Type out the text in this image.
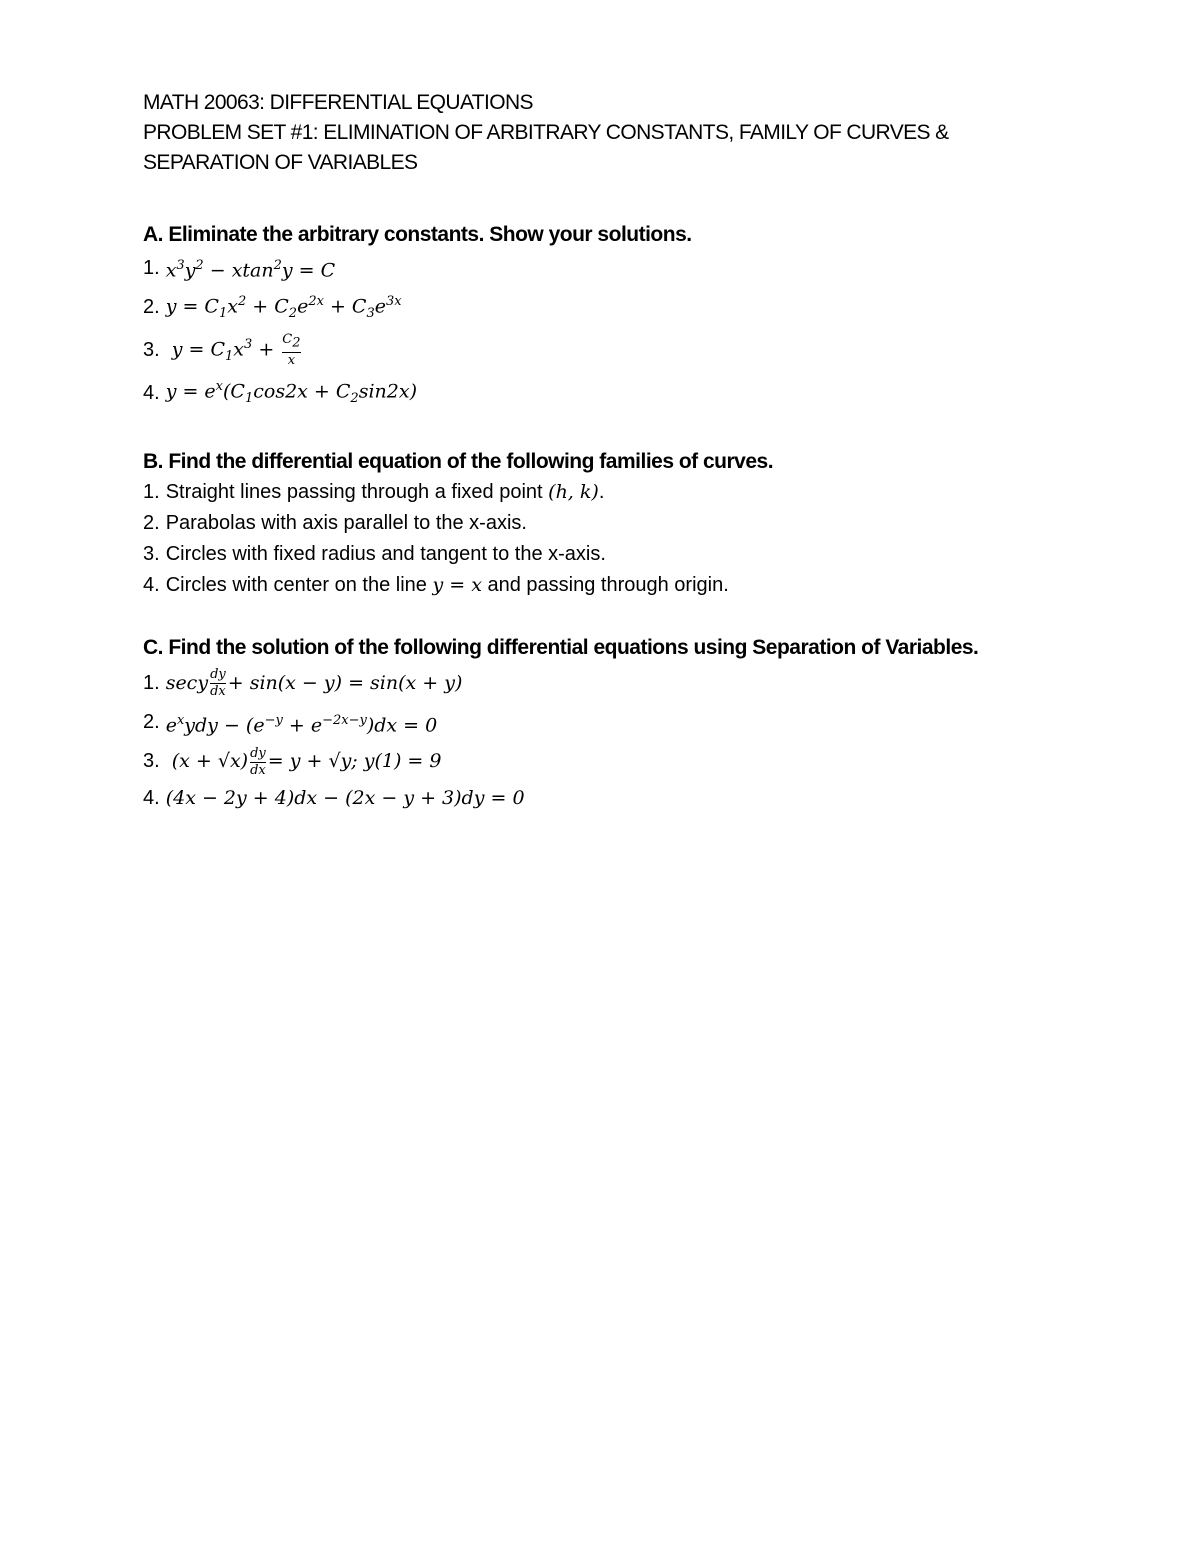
MATH 20063: DIFFERENTIAL EQUATIONS
PROBLEM SET #1: ELIMINATION OF ARBITRARY CONSTANTS, FAMILY OF CURVES &
SEPARATION OF VARIABLES
A. Eliminate the arbitrary constants. Show your solutions.
1. $x^3y^2 - xtan^2y = C$
2. $y = C_1x^2 + C_2e^{2x} + C_3e^{3x}$
3. $y = C_1x^3 + \frac{C_2}{x}$
4. $y = e^x(C_1\cos 2x + C_2\sin 2x)$
B. Find the differential equation of the following families of curves.
1. Straight lines passing through a fixed point
(h, k) .
2. Parabolas with axis parallel to the x-axis.
3. Circles with fixed radius and tangent to the x-axis.
4. Circles with center on the line
y = x
and passing through origin.
C. Find the solution of the following differential equations using Separation of Variables.
1. secy $\frac{dy}{dx} + \sin(x - y) = \sin(x + y)$
2. $e^xydy - (e^{-y} + e^{-2x-y})dx = 0$
3. $(x + √x) \frac{dy}{dx} = y + √y$; y(1) = 9
4. (4x − 2y + 4)dx − (2x − y + 3)dy = 0
